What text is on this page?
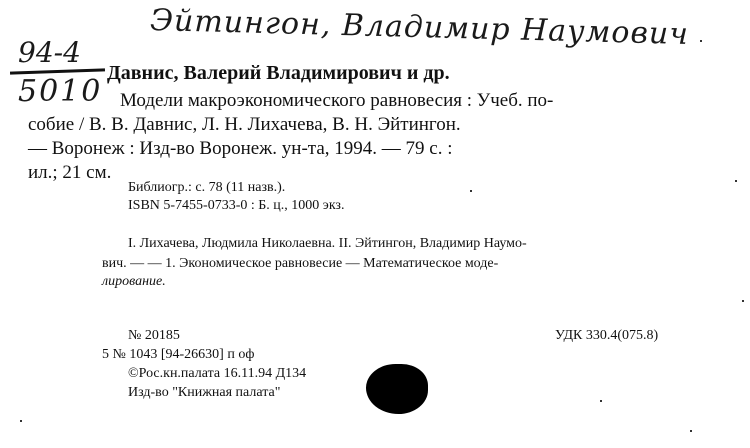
Эйтингон, Владимир Наумович
94-4
5010
Давнис, Валерий Владимирович и др.
Модели макроэкономического равновесия : Учеб. по-
собие / В. В. Давнис, Л. Н. Лихачева, В. Н. Эйтингон.
— Воронеж : Изд-во Воронеж. ун-та, 1994. — 79 с. :
ил.; 21 см.
Библиогр.: с. 78 (11 назв.).
ISBN 5-7455-0733-0 : Б. ц., 1000 экз.
I. Лихачева, Людмила Николаевна. II. Эйтингон, Владимир Наумо-
вич. — — 1. Экономическое равновесие — Математическое моде-
лирование.
№ 20185
5 № 1043 [94-26630] п оф
©Рос.кн.палата 16.11.94 Д134
Изд-во "Книжная палата"
УДК 330.4(075.8)
